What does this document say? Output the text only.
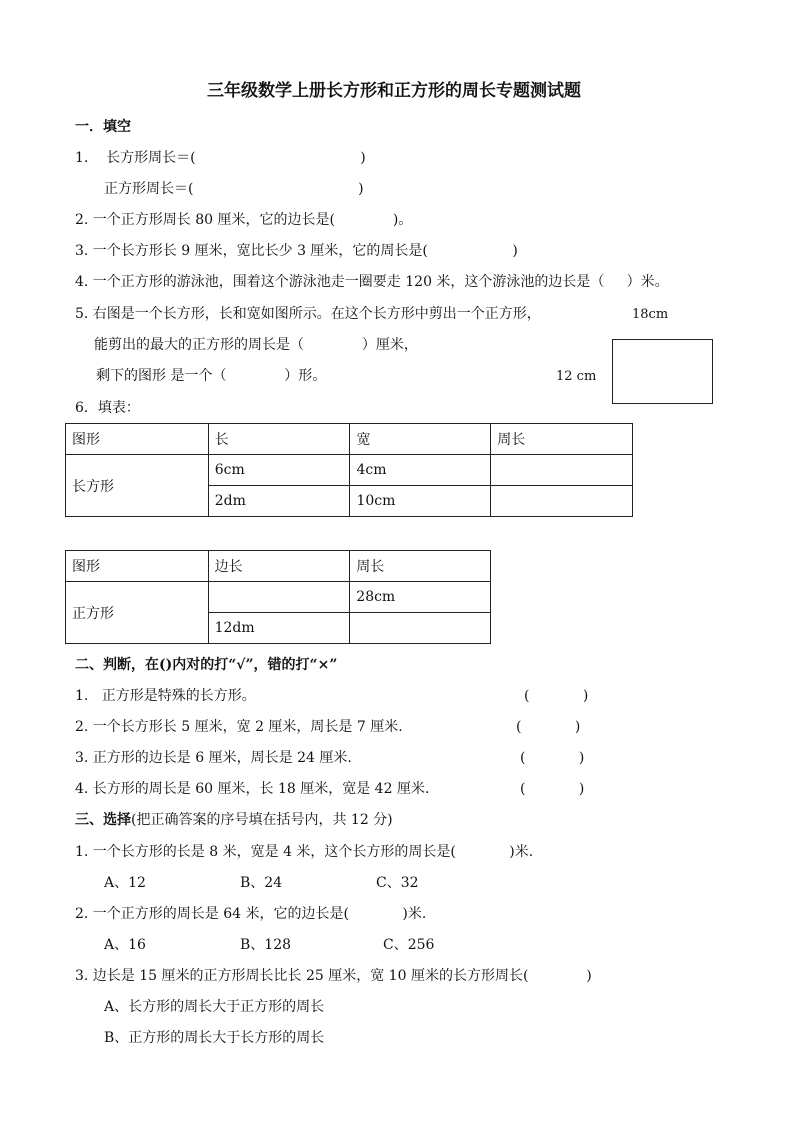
三年级数学上册长方形和正方形的周长专题测试题
一．填空
1.    长方形周长＝(                                     )
正方形周长＝(                                     )
2. 一个正方形周长 80 厘米，它的边长是(             )。
3. 一个长方形长 9 厘米，宽比长少 3 厘米，它的周长是(                   )
4. 一个正方形的游泳池，围着这个游泳池走一圈要走 120 米，这个游泳池的边长是（     ）米。
5. 右图是一个长方形，长和宽如图所示。在这个长方形中剪出一个正方形，
能剪出的最大的正方形的周长是（             ）厘米，
剩下的图形 是一个（             ）形。
18cm
12 cm
6．填表：
图形	长	宽	周长
长方形	6cm	4cm	
	2dm	10cm	
图形	边长	周长
正方形		28cm
	12dm	
二、判断，在()内对的打“√”，错的打“×”
1.   正方形是特殊的长方形。	(            )
2. 一个长方形长 5 厘米，宽 2 厘米，周长是 7 厘米.	(            )
3. 正方形的边长是 6 厘米，周长是 24 厘米.	(            )
4. 长方形的周长是 60 厘米，长 18 厘米，宽是 42 厘米.	(            )
三、选择(把正确答案的序号填在括号内，共 12 分)
1. 一个长方形的长是 8 米，宽是 4 米，这个长方形的周长是(            )米.
A、12	B、24	C、32
2. 一个正方形的周长是 64 米，它的边长是(            )米.
A、16	B、128	C、256
3. 边长是 15 厘米的正方形周长比长 25 厘米，宽 10 厘米的长方形周长(             )
A、长方形的周长大于正方形的周长
B、正方形的周长大于长方形的周长
